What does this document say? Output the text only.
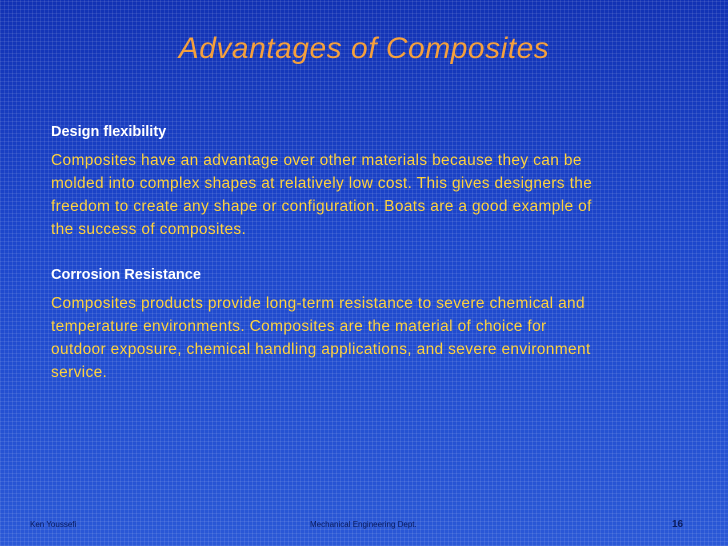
Advantages of Composites
Design flexibility
Composites have an advantage over other materials because they can be
molded into complex shapes at relatively low cost. This gives designers the
freedom to create any shape or configuration. Boats are a good example of
the success of composites.
Corrosion Resistance
Composites products provide long-term resistance to severe chemical and
temperature environments. Composites are the material of choice for
outdoor exposure, chemical handling applications, and severe environment
service.
Ken Youssefi	Mechanical Engineering Dept.	16
